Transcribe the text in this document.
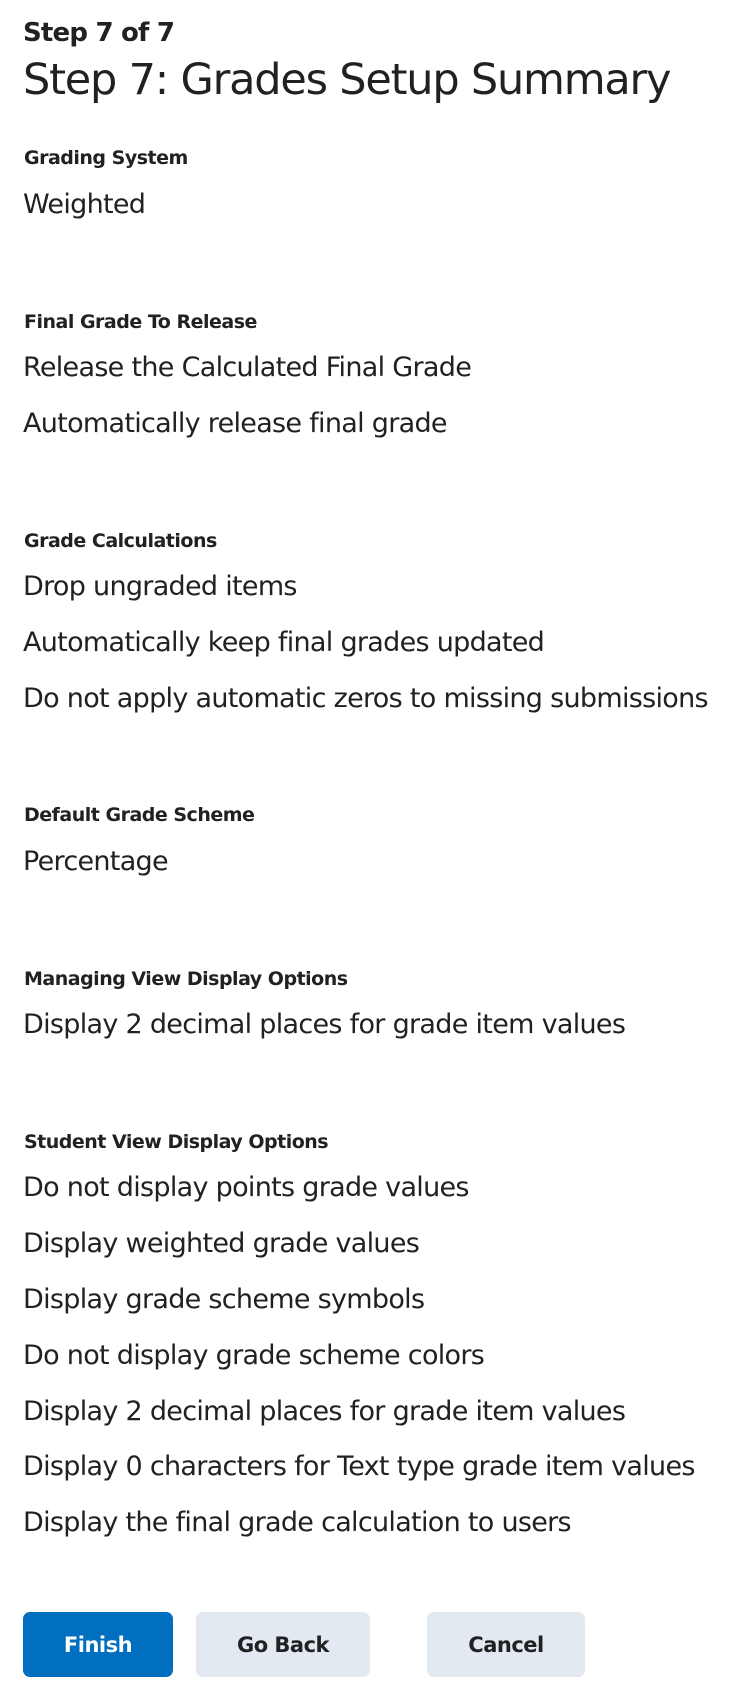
Step 7 of 7
Step 7: Grades Setup Summary
Grading System
Weighted
Final Grade To Release
Release the Calculated Final Grade
Automatically release final grade
Grade Calculations
Drop ungraded items
Automatically keep final grades updated
Do not apply automatic zeros to missing submissions
Default Grade Scheme
Percentage
Managing View Display Options
Display 2 decimal places for grade item values
Student View Display Options
Do not display points grade values
Display weighted grade values
Display grade scheme symbols
Do not display grade scheme colors
Display 2 decimal places for grade item values
Display 0 characters for Text type grade item values
Display the final grade calculation to users
Finish	Go Back	Cancel
